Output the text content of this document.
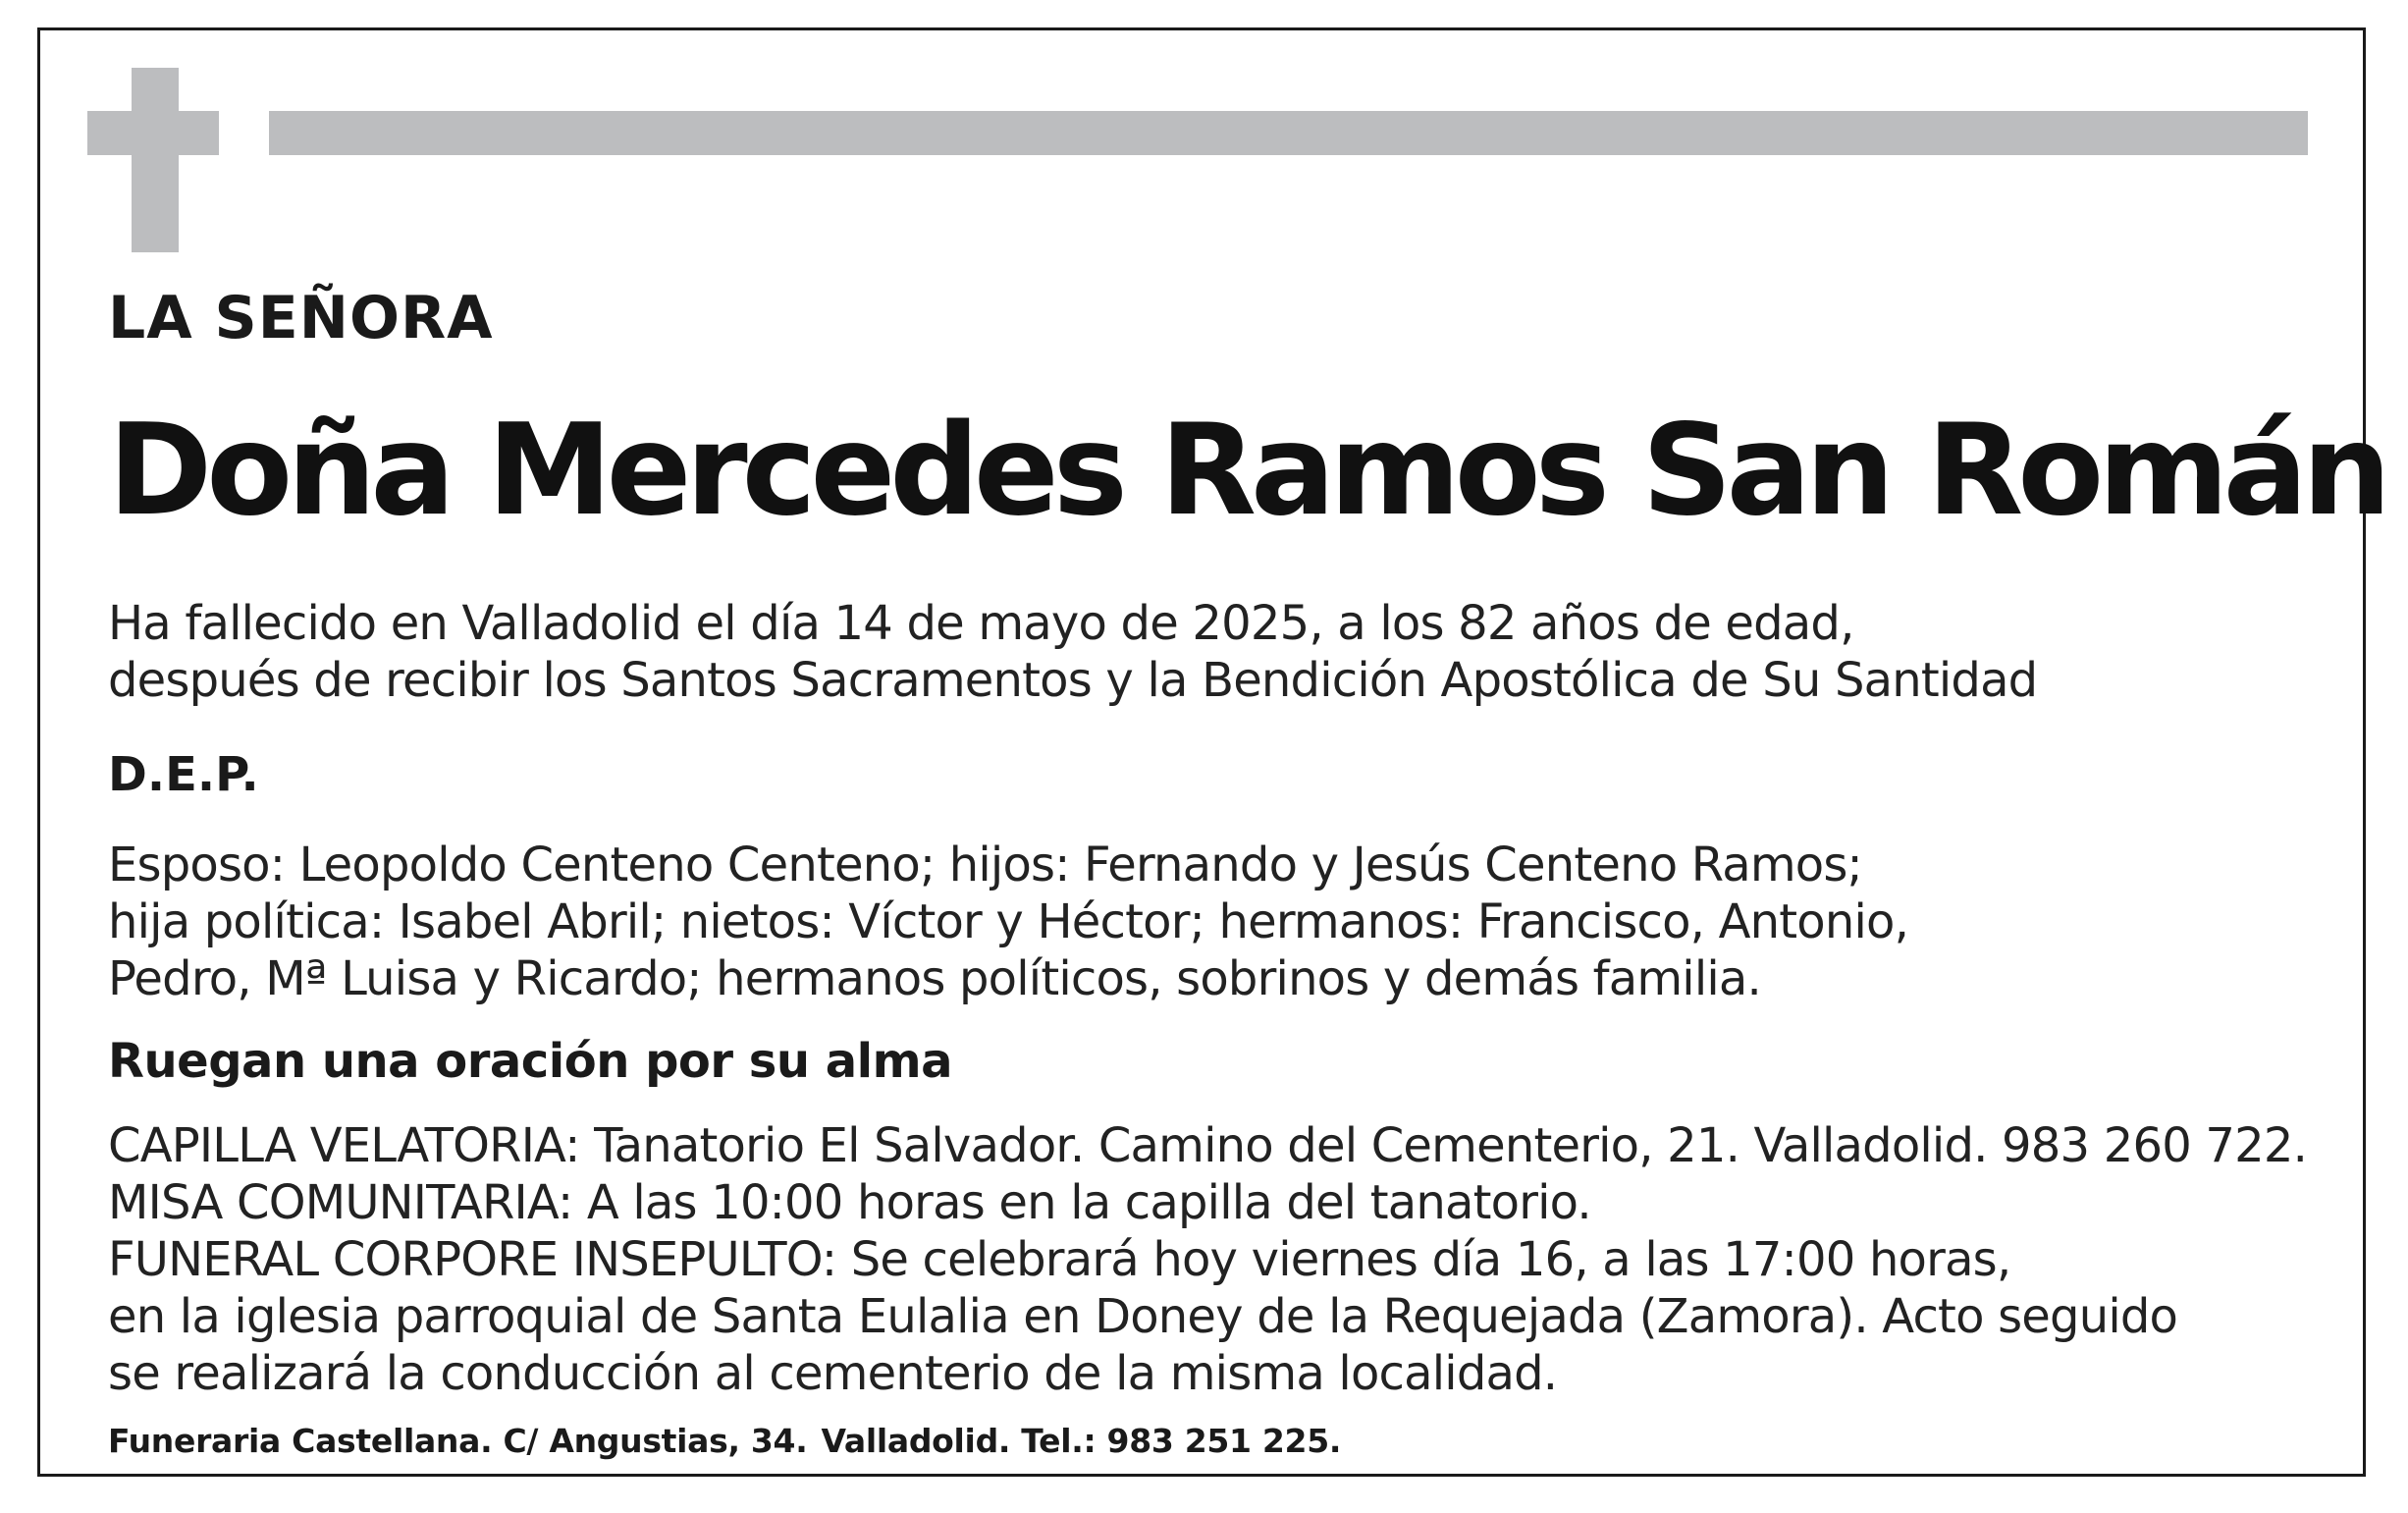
LA SEÑORA

Doña Mercedes Ramos San Román

Ha fallecido en Valladolid el día 14 de mayo de 2025, a los 82 años de edad,

después de recibir los Santos Sacramentos y la Bendición Apostólica de Su Santidad

D.E.P.

Esposo: Leopoldo Centeno Centeno; hijos: Fernando y Jesús Centeno Ramos;

hija política: Isabel Abril; nietos: Víctor y Héctor; hermanos: Francisco, Antonio,

Pedro, Mª Luisa y Ricardo; hermanos políticos, sobrinos y demás familia.

Ruegan una oración por su alma

CAPILLA VELATORIA: Tanatorio El Salvador. Camino del Cementerio, 21. Valladolid. 983 260 722.

MISA COMUNITARIA: A las 10:00 horas en la capilla del tanatorio.

FUNERAL CORPORE INSEPULTO: Se celebrará hoy viernes día 16, a las 17:00 horas,

en la iglesia parroquial de Santa Eulalia en Doney de la Requejada (Zamora). Acto seguido

se realizará la conducción al cementerio de la misma localidad.

Funeraria Castellana. C/ Angustias, 34. Valladolid. Tel.: 983 251 225.
